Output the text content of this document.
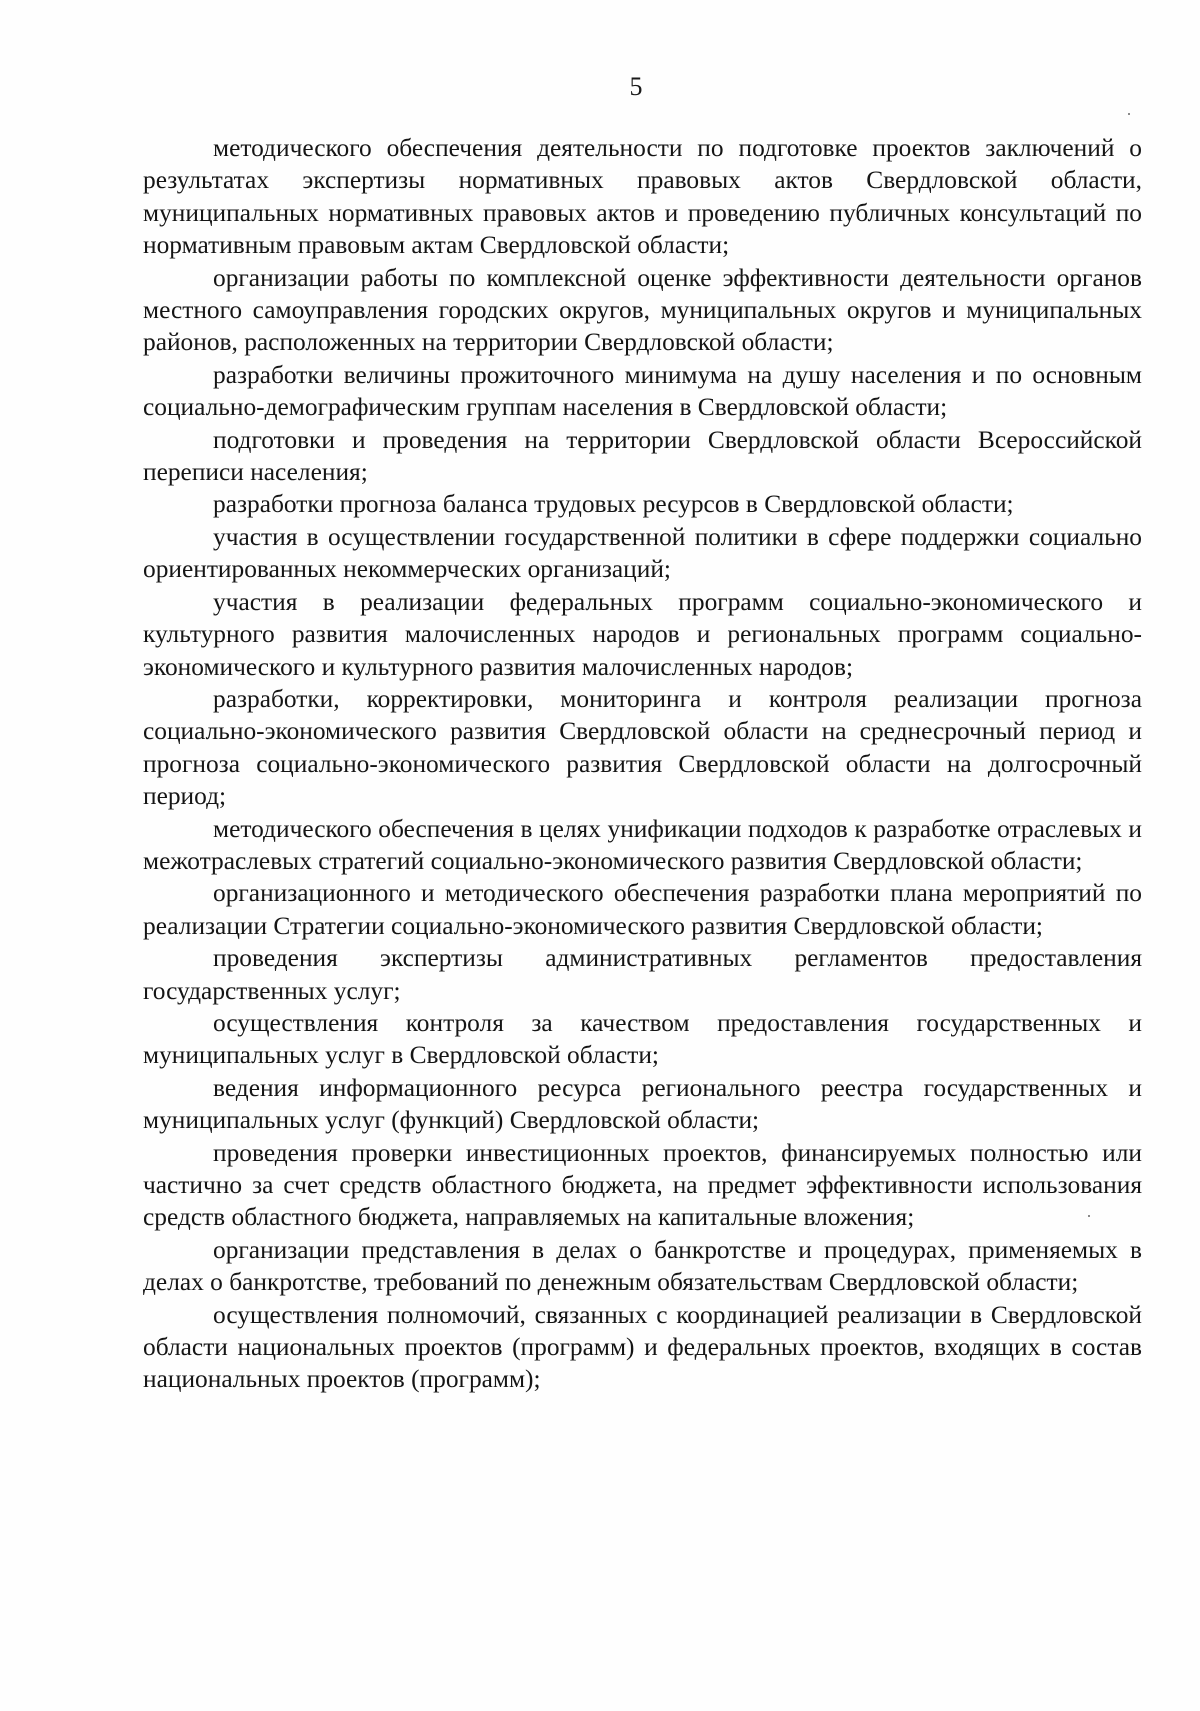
5

методического обеспечения деятельности по подготовке проектов заключений о результатах экспертизы нормативных правовых актов Свердловской области, муниципальных нормативных правовых актов и проведению публичных консультаций по нормативным правовым актам Свердловской области;

организации работы по комплексной оценке эффективности деятельности органов местного самоуправления городских округов, муниципальных округов и муниципальных районов, расположенных на территории Свердловской области;

разработки величины прожиточного минимума на душу населения и по основным социально-демографическим группам населения в Свердловской области;

подготовки и проведения на территории Свердловской области Всероссийской переписи населения;

разработки прогноза баланса трудовых ресурсов в Свердловской области;

участия в осуществлении государственной политики в сфере поддержки социально ориентированных некоммерческих организаций;

участия в реализации федеральных программ социально-экономического и культурного развития малочисленных народов и региональных программ социально-экономического и культурного развития малочисленных народов;

разработки, корректировки, мониторинга и контроля реализации прогноза социально-экономического развития Свердловской области на среднесрочный период и прогноза социально-экономического развития Свердловской области на долгосрочный период;

методического обеспечения в целях унификации подходов к разработке отраслевых и межотраслевых стратегий социально-экономического развития Свердловской области;

организационного и методического обеспечения разработки плана мероприятий по реализации Стратегии социально-экономического развития Свердловской области;

проведения экспертизы административных регламентов предоставления государственных услуг;

осуществления контроля за качеством предоставления государственных и муниципальных услуг в Свердловской области;

ведения информационного ресурса регионального реестра государственных и муниципальных услуг (функций) Свердловской области;

проведения проверки инвестиционных проектов, финансируемых полностью или частично за счет средств областного бюджета, на предмет эффективности использования средств областного бюджета, направляемых на капитальные вложения;

организации представления в делах о банкротстве и процедурах, применяемых в делах о банкротстве, требований по денежным обязательствам Свердловской области;

осуществления полномочий, связанных с координацией реализации в Свердловской области национальных проектов (программ) и федеральных проектов, входящих в состав национальных проектов (программ);
